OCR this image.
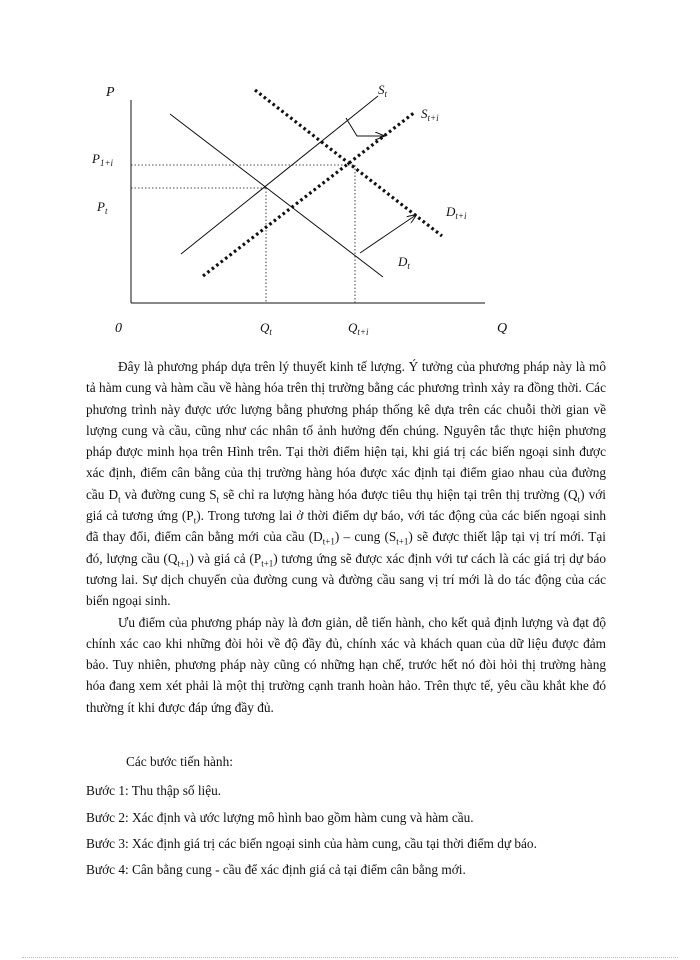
P
Q
0
$P_{1+i}$
$P_t$
$Q_t$	$Q_{t+i}$
$S_t$
$S_{t+i}$
$D_{t+i}$
$D_t$

Đây là phương pháp dựa trên lý thuyết kinh tế lượng. Ý tưởng của phương pháp này là mô tả hàm cung và hàm cầu về hàng hóa trên thị trường bằng các phương trình xảy ra đồng thời. Các phương trình này được ước lượng bằng phương pháp thống kê dựa trên các chuỗi thời gian về lượng cung và cầu, cũng như các nhân tố ảnh hưởng đến chúng. Nguyên tắc thực hiện phương pháp được minh họa trên Hình trên. Tại thời điểm hiện tại, khi giá trị các biến ngoại sinh được xác định, điểm cân bằng của thị trường hàng hóa được xác định tại điểm giao nhau của đường cầu $D_t$ và đường cung $S_t$ sẽ chỉ ra lượng hàng hóa được tiêu thụ hiện tại trên thị trường $(Q_t)$ với giá cả tương ứng $(P_t)$. Trong tương lai ở thời điểm dự báo, với tác động của các biến ngoại sinh đã thay đổi, điểm cân bằng mới của cầu $(D_{t+1})$ – cung $(S_{t+1})$ sẽ được thiết lập tại vị trí mới. Tại đó, lượng cầu $(Q_{t+1})$ và giá cả $(P_{t+1})$ tương ứng sẽ được xác định với tư cách là các giá trị dự báo tương lai. Sự dịch chuyển của đường cung và đường cầu sang vị trí mới là do tác động của các biến ngoại sinh.

Ưu điểm của phương pháp này là đơn giản, dễ tiến hành, cho kết quả định lượng và đạt độ chính xác cao khi những đòi hỏi về độ đầy đủ, chính xác và khách quan của dữ liệu được đảm bảo. Tuy nhiên, phương pháp này cũng có những hạn chế, trước hết nó đòi hỏi thị trường hàng hóa đang xem xét phải là một thị trường cạnh tranh hoàn hảo. Trên thực tế, yêu cầu khắt khe đó thường ít khi được đáp ứng đầy đủ.

Các bước tiến hành:
Bước 1: Thu thập số liệu.
Bước 2: Xác định và ước lượng mô hình bao gồm hàm cung và hàm cầu.
Bước 3: Xác định giá trị các biến ngoại sinh của hàm cung, cầu tại thời điểm dự báo.
Bước 4: Cân bằng cung - cầu để xác định giá cả tại điểm cân bằng mới.
